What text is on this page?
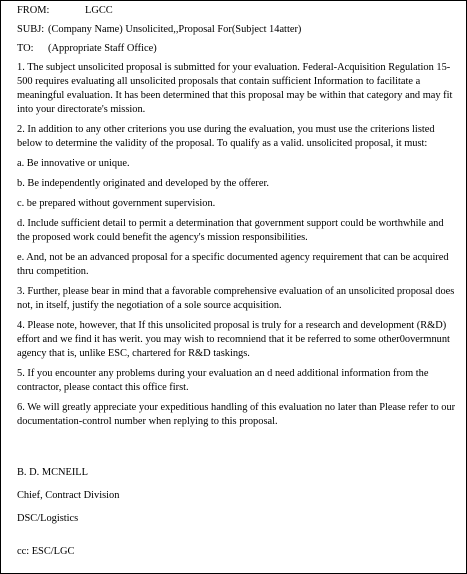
FROM:	LGCC
SUBJ: (Company Name) Unsolicited,,Proposal For(Subject 14atter)
TO:	(Appropriate Staff Office)

1. The subject unsolicited proposal is submitted for your evaluation. Federal-Acquisition Regulation 15-500 requires evaluating all unsolicited proposals that contain sufficient Information to facilitate a meaningful evaluation. It has been determined that this proposal may be within that category and may fit into your directorate's mission.

2. In addition to any other criterions you use during the evaluation, you must use the criterions listed below to determine the validity of the proposal. To qualify as a valid. unsolicited proposal, it must:

a. Be innovative or unique.

b. Be independently originated and developed by the offerer.

c. be prepared without government supervision.

d. Include sufficient detail to permit a determination that government support could be worthwhile and the proposed work could benefit the agency's mission responsibilities.

e. And, not be an advanced proposal for a specific documented agency requirement that can be acquired thru competition.

3. Further, please bear in mind that a favorable comprehensive evaluation of an unsolicited proposal does not, in itself, justify the negotiation of a sole source acquisition.

4. Please note, however, that If this unsolicited proposal is truly for a research and development (R&D) effort and we find it has werit. you may wish to recomniend that it be referred to some other0overmnunt agency that is, unlike ESC, chartered for R&D taskings.

5. If you encounter any problems during your evaluation an d need additional information from the contractor, please contact this office first.

6. We will greatly appreciate your expeditious handling of this evaluation no later than Please refer to our documentation-control number when replying to this proposal.

B. D. MCNEILL
Chief, Contract Division
DSC/Logistics
cc: ESC/LGC
